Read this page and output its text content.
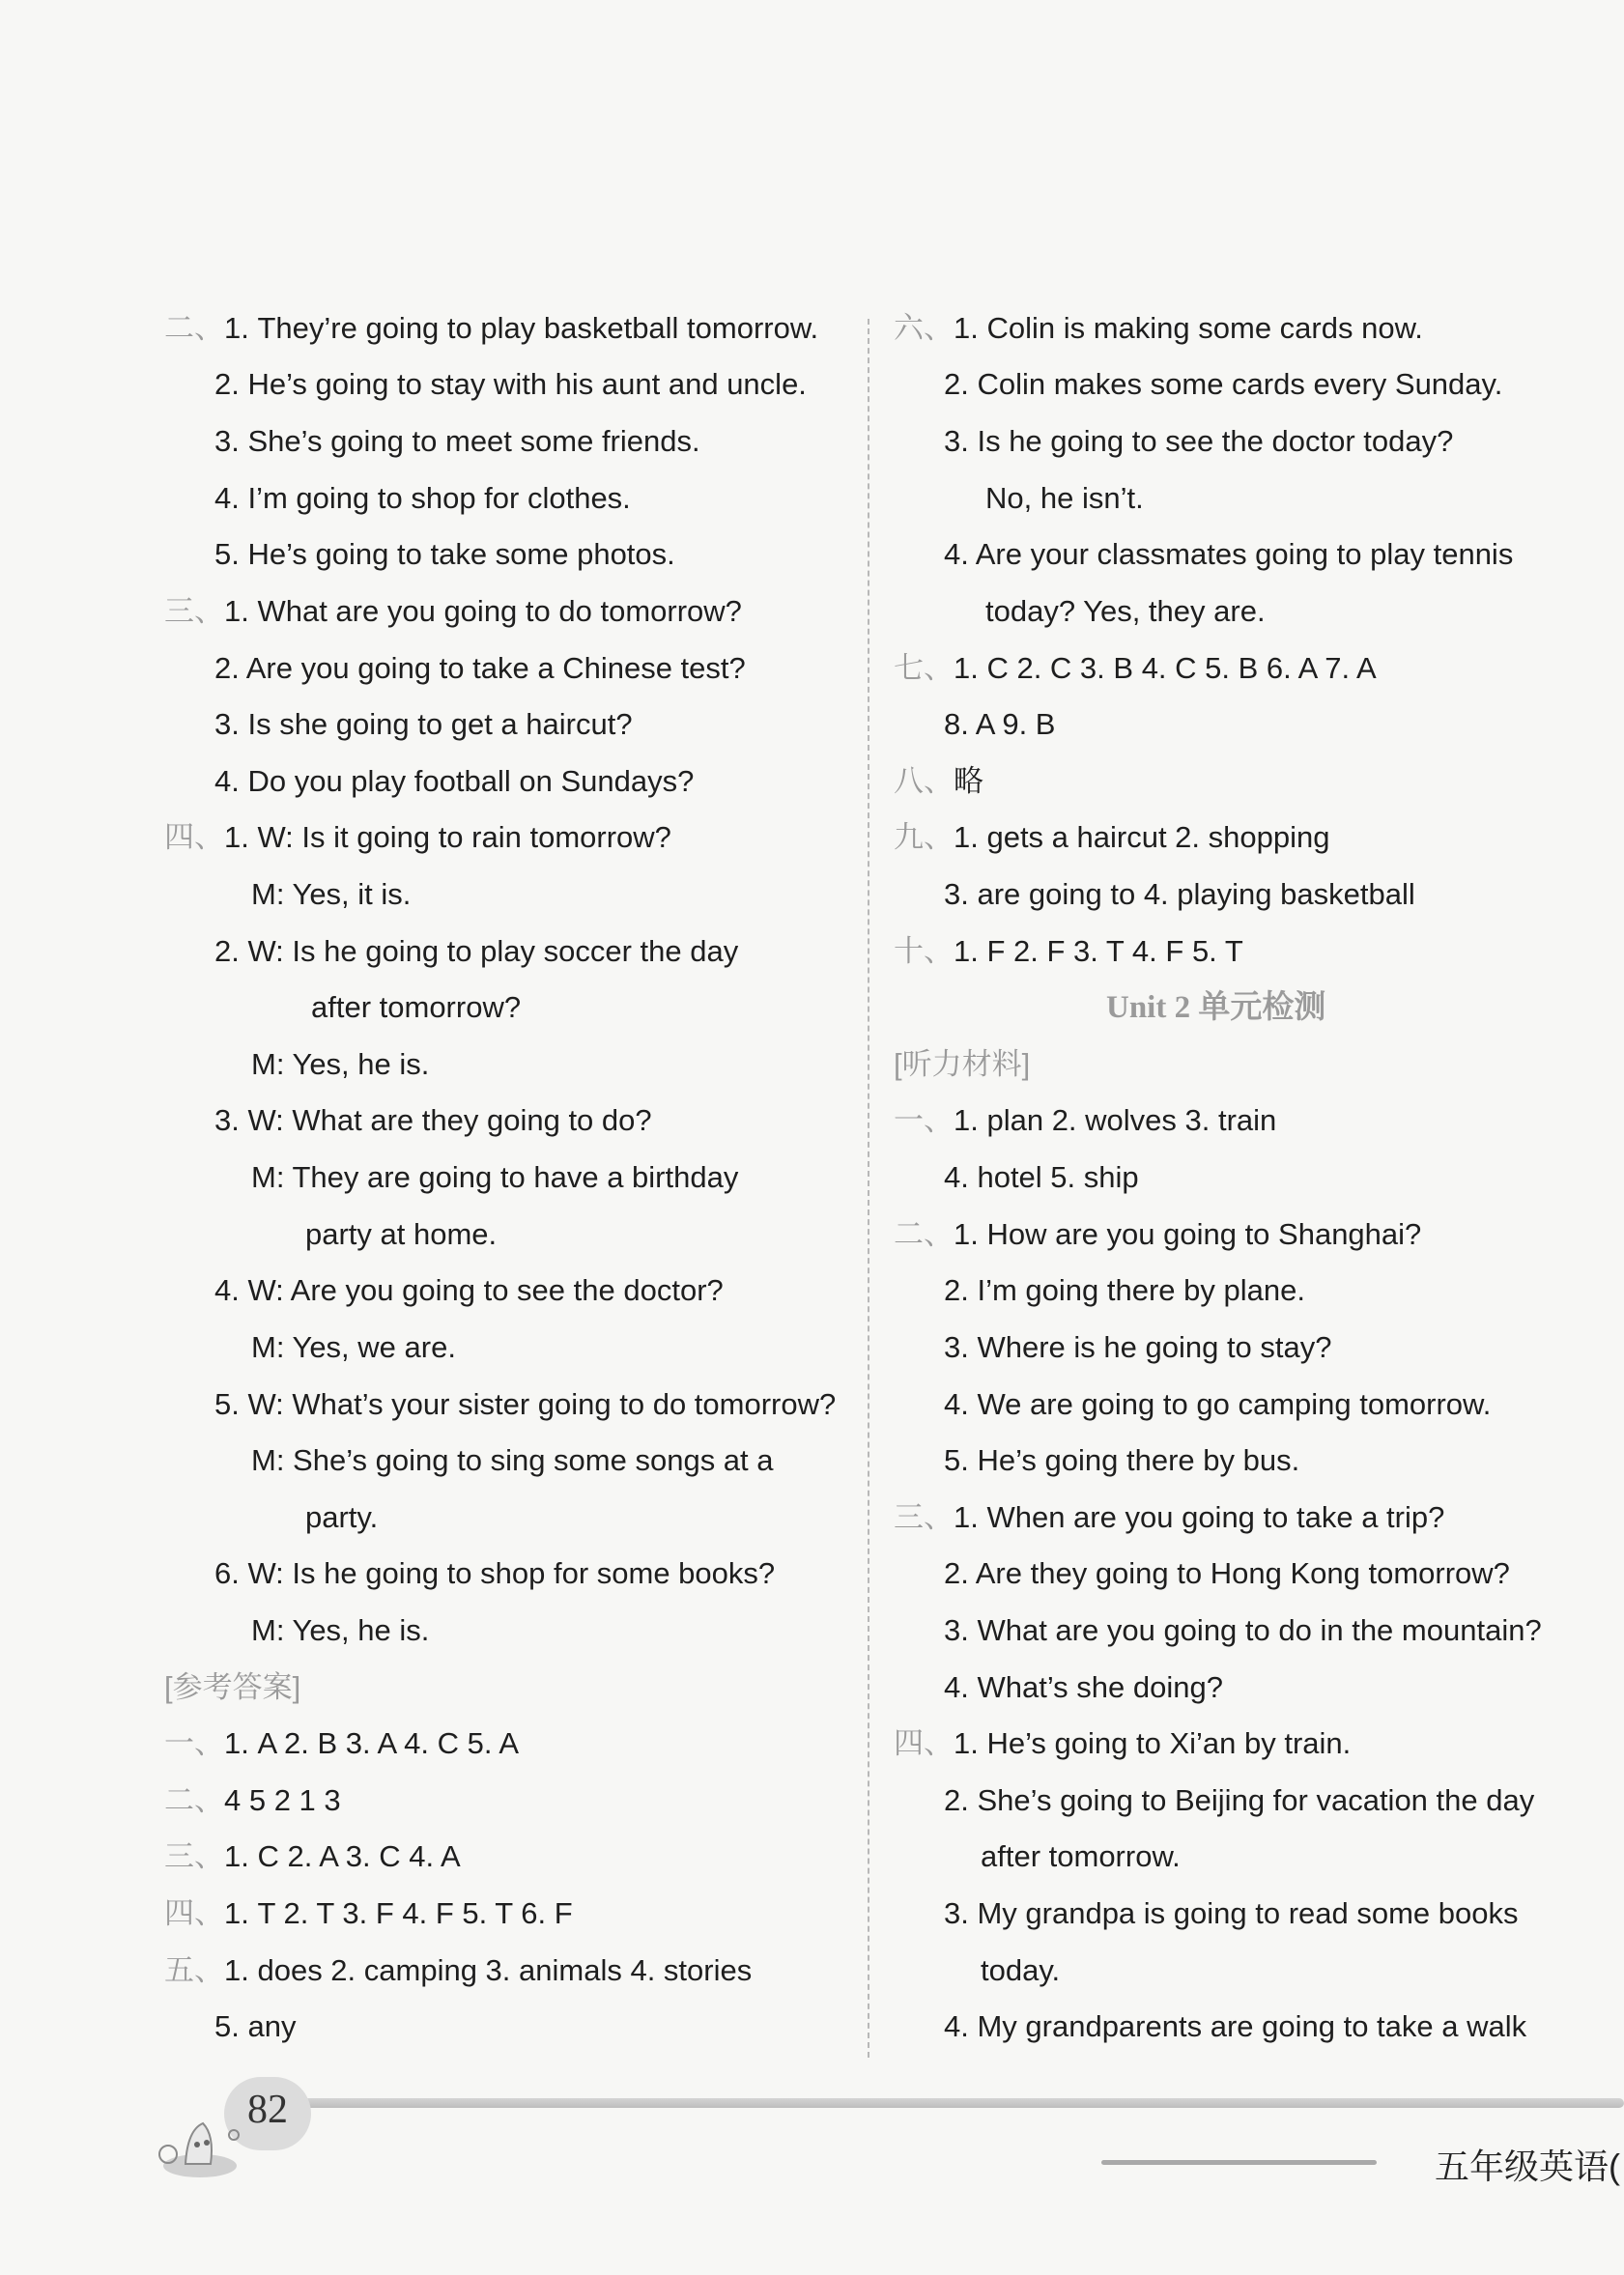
二、1. They’re going to play basketball tomorrow.
2. He’s going to stay with his aunt and uncle.
3. She’s going to meet some friends.
4. I’m going to shop for clothes.
5. He’s going to take some photos.
三、1. What are you going to do tomorrow?
2. Are you going to take a Chinese test?
3. Is she going to get a haircut?
4. Do you play football on Sundays?
四、1. W: Is it going to rain tomorrow?
M: Yes, it is.
2. W: Is he going to play soccer the day
after tomorrow?
M: Yes, he is.
3. W: What are they going to do?
M: They are going to have a birthday
party at home.
4. W: Are you going to see the doctor?
M: Yes, we are.
5. W: What’s your sister going to do tomorrow?
M: She’s going to sing some songs at a
party.
6. W: Is he going to shop for some books?
M: Yes, he is.
[参考答案]
一、1. A 2. B 3. A 4. C 5. A
二、4 5 2 1 3
三、1. C 2. A 3. C 4. A
四、1. T 2. T 3. F 4. F 5. T 6. F
五、1. does 2. camping 3. animals 4. stories
5. any
六、1. Colin is making some cards now.
2. Colin makes some cards every Sunday.
3. Is he going to see the doctor today?
No, he isn’t.
4. Are your classmates going to play tennis
today? Yes, they are.
七、1. C 2. C 3. B 4. C 5. B 6. A 7. A
8. A 9. B
八、略
九、1. gets a haircut 2. shopping
3. are going to 4. playing basketball
十、1. F 2. F 3. T 4. F 5. T
Unit 2 单元检测
[听力材料]
一、1. plan 2. wolves 3. train
4. hotel 5. ship
二、1. How are you going to Shanghai?
2. I’m going there by plane.
3. Where is he going to stay?
4. We are going to go camping tomorrow.
5. He’s going there by bus.
三、1. When are you going to take a trip?
2. Are they going to Hong Kong tomorrow?
3. What are you going to do in the mountain?
4. What’s she doing?
四、1. He’s going to Xi’an by train.
2. She’s going to Beijing for vacation the day
after tomorrow.
3. My grandpa is going to read some books
today.
4. My grandparents are going to take a walk
82
五年级英语(
